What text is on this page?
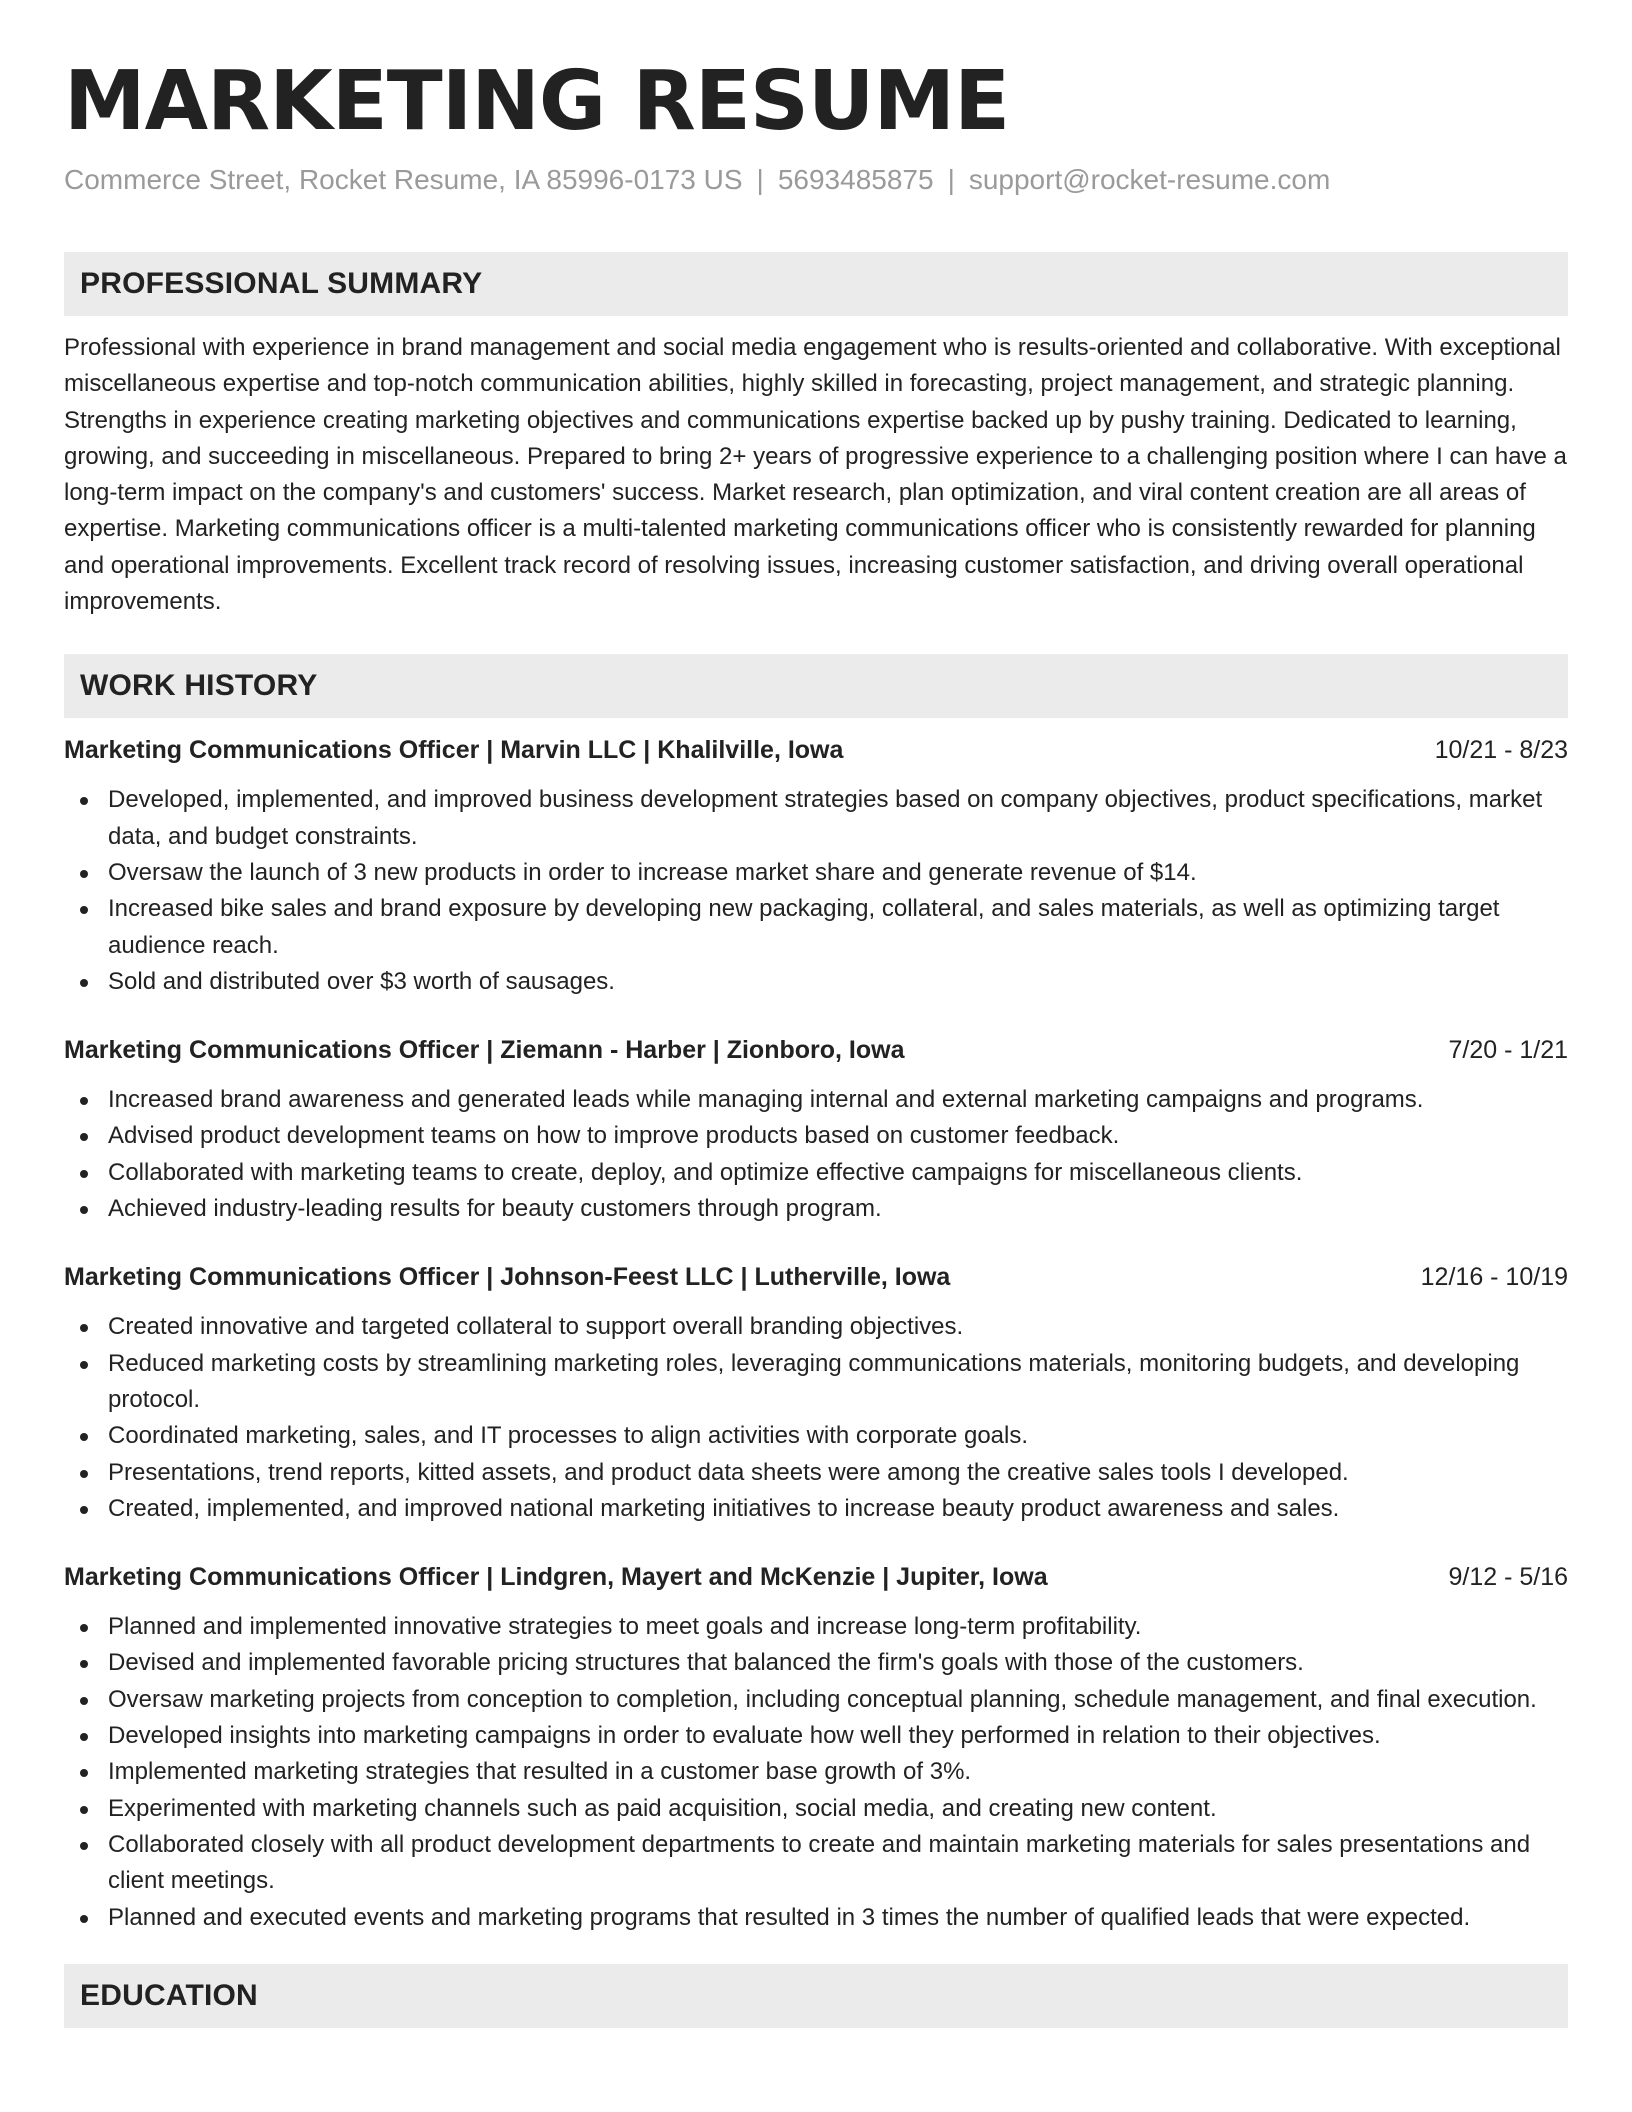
MARKETING RESUME
Commerce Street, Rocket Resume, IA 85996-0173 US | 5693485875 | support@rocket-resume.com
PROFESSIONAL SUMMARY

Professional with experience in brand management and social media engagement who is results-oriented and collaborative. With exceptional miscellaneous expertise and top-notch communication abilities, highly skilled in forecasting, project management, and strategic planning. Strengths in experience creating marketing objectives and communications expertise backed up by pushy training. Dedicated to learning, growing, and succeeding in miscellaneous. Prepared to bring 2+ years of progressive experience to a challenging position where I can have a long-term impact on the company's and customers' success. Market research, plan optimization, and viral content creation are all areas of expertise. Marketing communications officer is a multi-talented marketing communications officer who is consistently rewarded for planning and operational improvements. Excellent track record of resolving issues, increasing customer satisfaction, and driving overall operational improvements.

WORK HISTORY
Marketing Communications Officer | Marvin LLC | Khalilville, Iowa	10/21 - 8/23
Developed, implemented, and improved business development strategies based on company objectives, product specifications, market data, and budget constraints.
Oversaw the launch of 3 new products in order to increase market share and generate revenue of $14.
Increased bike sales and brand exposure by developing new packaging, collateral, and sales materials, as well as optimizing target audience reach.
Sold and distributed over $3 worth of sausages.
Marketing Communications Officer | Ziemann - Harber | Zionboro, Iowa	7/20 - 1/21
Increased brand awareness and generated leads while managing internal and external marketing campaigns and programs.
Advised product development teams on how to improve products based on customer feedback.
Collaborated with marketing teams to create, deploy, and optimize effective campaigns for miscellaneous clients.
Achieved industry-leading results for beauty customers through program.
Marketing Communications Officer | Johnson-Feest LLC | Lutherville, Iowa	12/16 - 10/19
Created innovative and targeted collateral to support overall branding objectives.
Reduced marketing costs by streamlining marketing roles, leveraging communications materials, monitoring budgets, and developing protocol.
Coordinated marketing, sales, and IT processes to align activities with corporate goals.
Presentations, trend reports, kitted assets, and product data sheets were among the creative sales tools I developed.
Created, implemented, and improved national marketing initiatives to increase beauty product awareness and sales.
Marketing Communications Officer | Lindgren, Mayert and McKenzie | Jupiter, Iowa	9/12 - 5/16
Planned and implemented innovative strategies to meet goals and increase long-term profitability.
Devised and implemented favorable pricing structures that balanced the firm's goals with those of the customers.
Oversaw marketing projects from conception to completion, including conceptual planning, schedule management, and final execution.
Developed insights into marketing campaigns in order to evaluate how well they performed in relation to their objectives.
Implemented marketing strategies that resulted in a customer base growth of 3%.
Experimented with marketing channels such as paid acquisition, social media, and creating new content.
Collaborated closely with all product development departments to create and maintain marketing materials for sales presentations and client meetings.
Planned and executed events and marketing programs that resulted in 3 times the number of qualified leads that were expected.
EDUCATION
